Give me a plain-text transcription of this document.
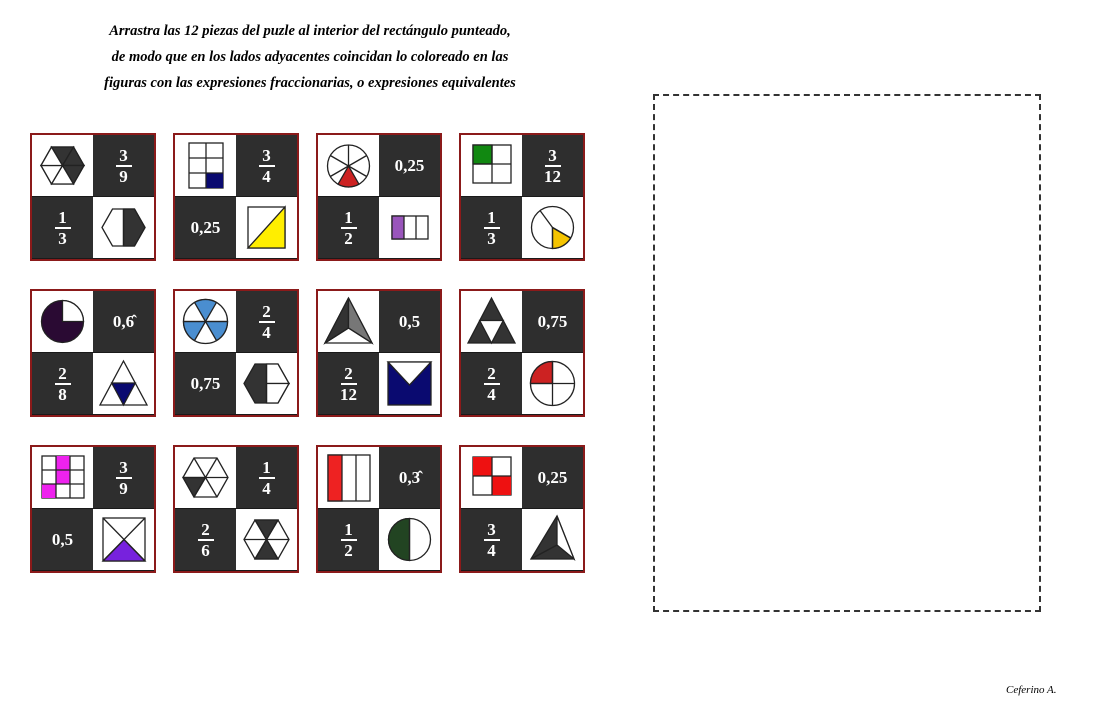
Arrastra las 12 piezas del puzle al interior del rectángulo punteado,
de modo que en los lados adyacentes coincidan lo coloreado en las
figuras con las expresiones fraccionarias, o expresiones equivalentes
3
9
1
3
3
4
0,25
0,25
1
2
3
12
1
3
0,6̂
2
8
2
4
0,75
0,5
2
12
0,75
2
4
3
9
0,5
1
4
2
6
0,3̂
1
2
0,25
3
4
Ceferino A.
